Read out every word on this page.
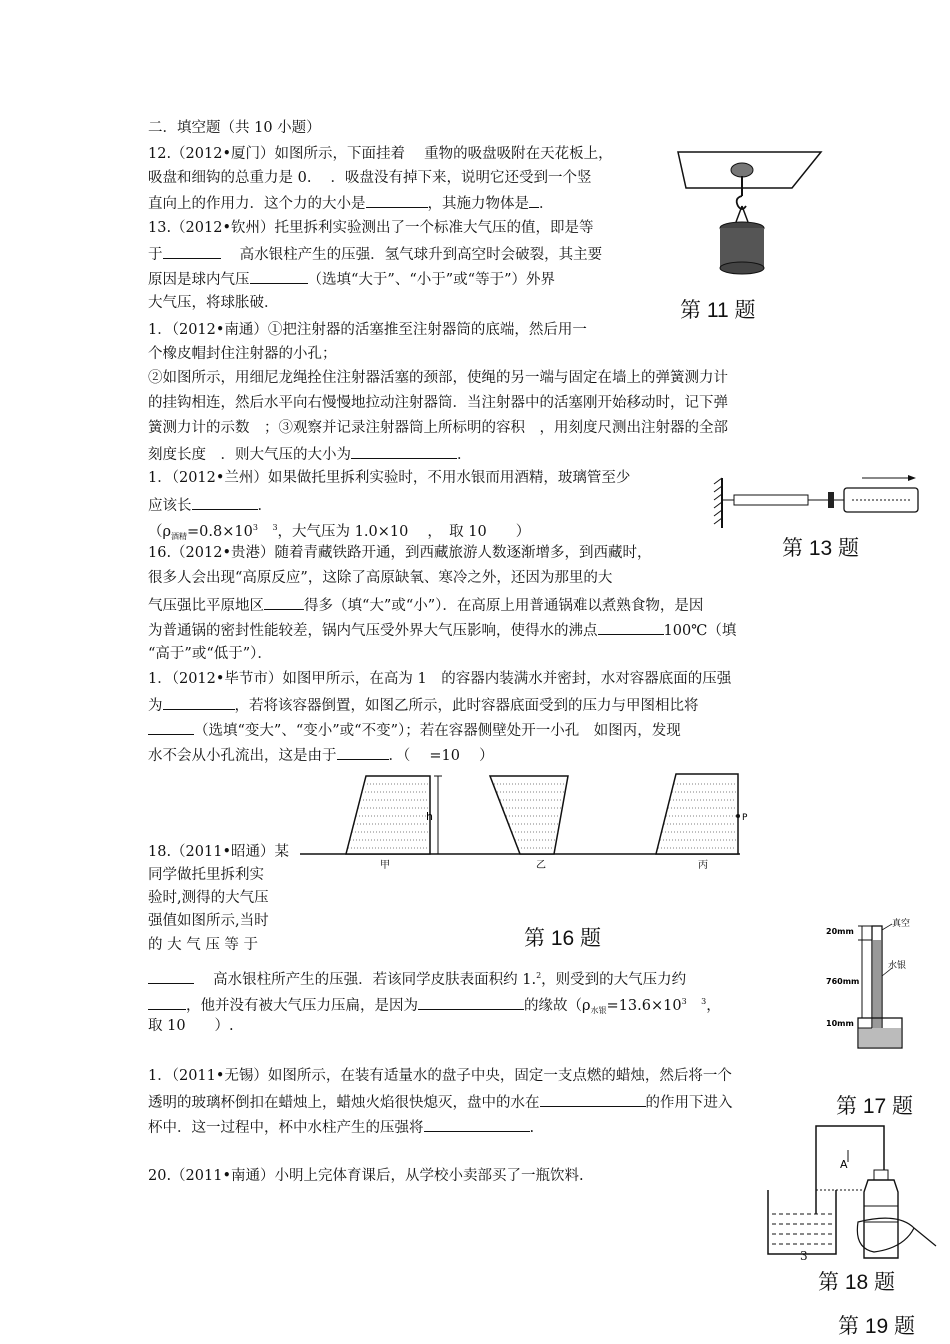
二．填空题（共 10 小题）
12.（2012•厦门）如图所示，下面挂着　 重物的吸盘吸附在天花板上，
吸盘和细钩的总重力是 0.　 ．吸盘没有掉下来，说明它还受到一个竖
直向上的作用力．这个力的大小是	，其施力物体是 ．
13.（2012•钦州）托里拆利实验测出了一个标准大气压的值，即是等
于	　 高水银柱产生的压强．氢气球升到高空时会破裂，其主要
原因是球内气压	（选填“大于”、“小于”或“等于”）外界
大气压，将球胀破．
1．（2012•南通）①把注射器的活塞推至注射器筒的底端，然后用一
个橡皮帽封住注射器的小孔；
②如图所示，用细尼龙绳拴住注射器活塞的颈部，使绳的另一端与固定在墙上的弹簧测力计
的挂钩相连，然后水平向右慢慢地拉动注射器筒．当注射器中的活塞刚开始移动时，记下弹
簧测力计的示数　；③观察并记录注射器筒上所标明的容积　，用刻度尺测出注射器的全部
刻度长度　．则大气压的大小为	．
1．（2012•兰州）如果做托里拆利实验时，不用水银而用酒精，玻璃管至少
应该长	．
（$\rho_{酒精}=0.8\times 10^3$　 $^3$，大气压为 1.0×10　 ，　取 10　　）
16.（2012•贵港）随着青藏铁路开通，到西藏旅游人数逐渐增多，到西藏时，
很多人会出现“高原反应”，这除了高原缺氧、寒冷之外，还因为那里的大
气压强比平原地区	得多（填“大”或“小”）．在高原上用普通锅难以煮熟食物，是因
为普通锅的密封性能较差，锅内气压受外界大气压影响，使得水的沸点	100℃（填
“高于”或“低于”）．
1．（2012•毕节市）如图甲所示，在高为 1　的容器内装满水并密封，水对容器底面的压强
为	，若将该容器倒置，如图乙所示，此时容器底面受到的压力与甲图相比将
（选填“变大”、“变小”或“不变”）；若在容器侧壁处开一小孔　如图丙，发现
水不会从小孔流出，这是由于	．（　 =10　 ）
18.（2011•昭通）某
同学做托里拆利实
验时,测得的大气压
强值如图所示,当时
的 大 气 压 等 于
　 高水银柱所产生的压强．若该同学皮肤表面积约 1.$^2$，则受到的大气压力约
，他并没有被大气压力压扁，是因为	的缘故（$\rho_{水银}=13.6\times 10^3$　 $^3$，
取 10　　）.
1．（2011•无锡）如图所示，在装有适量水的盘子中央，固定一支点燃的蜡烛，然后将一个
透明的玻璃杯倒扣在蜡烛上，蜡烛火焰很快熄灭，盘中的水在	的作用下进入
杯中．这一过程中，杯中水柱产生的压强将	.
20.（2011•南通）小明上完体育课后，从学校小卖部买了一瓶饮料.
第 11 题
第 13 题
第 16 题
第 17 题
第 18 题
第 19 题
3
h	P
甲	乙	丙
20mm
760mm
10mm
真空
水银
A
